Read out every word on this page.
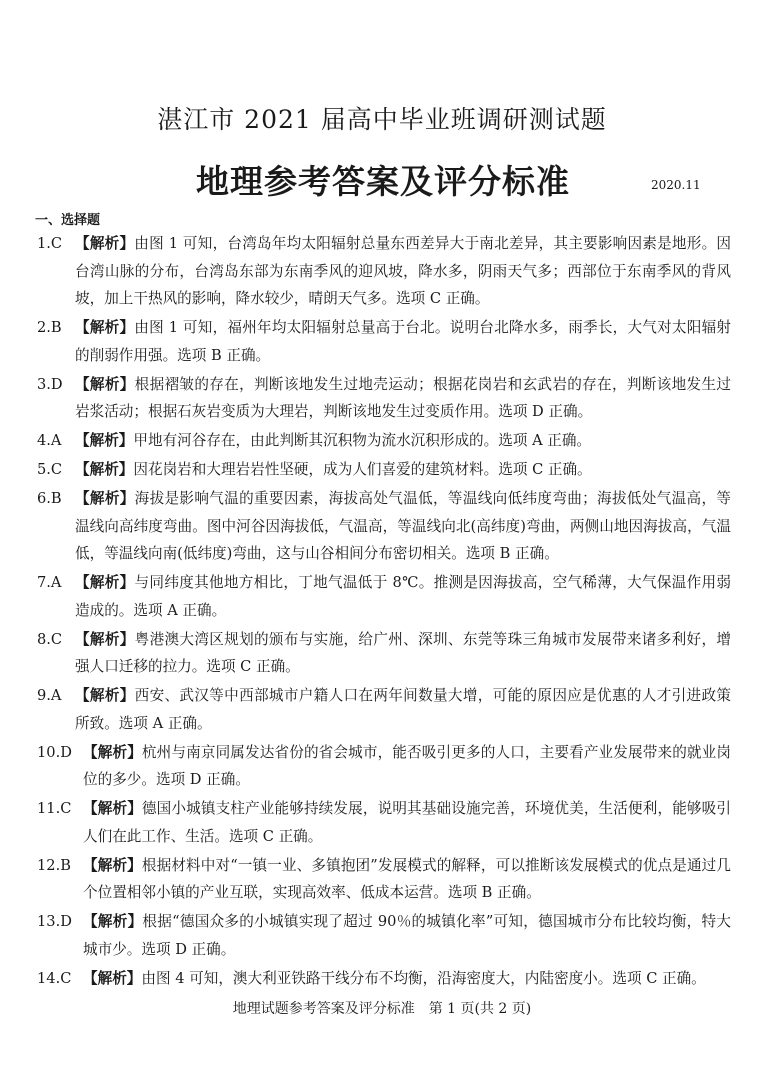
湛江市 2021 届高中毕业班调研测试题
地理参考答案及评分标准	2020.11
一、选择题
1.C 【解析】由图 1 可知，台湾岛年均太阳辐射总量东西差异大于南北差异，其主要影响因素是地形。因台湾山脉的分布，台湾岛东部为东南季风的迎风坡，降水多，阴雨天气多；西部位于东南季风的背风坡，加上干热风的影响，降水较少，晴朗天气多。选项 C 正确。
2.B 【解析】由图 1 可知，福州年均太阳辐射总量高于台北。说明台北降水多，雨季长，大气对太阳辐射的削弱作用强。选项 B 正确。
3.D 【解析】根据褶皱的存在，判断该地发生过地壳运动；根据花岗岩和玄武岩的存在，判断该地发生过岩浆活动；根据石灰岩变质为大理岩，判断该地发生过变质作用。选项 D 正确。
4.A 【解析】甲地有河谷存在，由此判断其沉积物为流水沉积形成的。选项 A 正确。
5.C 【解析】因花岗岩和大理岩岩性坚硬，成为人们喜爱的建筑材料。选项 C 正确。
6.B 【解析】海拔是影响气温的重要因素，海拔高处气温低，等温线向低纬度弯曲；海拔低处气温高，等温线向高纬度弯曲。图中河谷因海拔低，气温高，等温线向北(高纬度)弯曲，两侧山地因海拔高，气温低，等温线向南(低纬度)弯曲，这与山谷相间分布密切相关。选项 B 正确。
7.A 【解析】与同纬度其他地方相比，丁地气温低于 8℃。推测是因海拔高，空气稀薄，大气保温作用弱造成的。选项 A 正确。
8.C 【解析】粤港澳大湾区规划的颁布与实施，给广州、深圳、东莞等珠三角城市发展带来诸多利好，增强人口迁移的拉力。选项 C 正确。
9.A 【解析】西安、武汉等中西部城市户籍人口在两年间数量大增，可能的原因应是优惠的人才引进政策所致。选项 A 正确。
10.D 【解析】杭州与南京同属发达省份的省会城市，能否吸引更多的人口，主要看产业发展带来的就业岗位的多少。选项 D 正确。
11.C 【解析】德国小城镇支柱产业能够持续发展，说明其基础设施完善，环境优美，生活便利，能够吸引人们在此工作、生活。选项 C 正确。
12.B 【解析】根据材料中对“一镇一业、多镇抱团”发展模式的解释，可以推断该发展模式的优点是通过几个位置相邻小镇的产业互联，实现高效率、低成本运营。选项 B 正确。
13.D 【解析】根据“德国众多的小城镇实现了超过 90％的城镇化率”可知，德国城市分布比较均衡，特大城市少。选项 D 正确。
14.C 【解析】由图 4 可知，澳大利亚铁路干线分布不均衡，沿海密度大，内陆密度小。选项 C 正确。
地理试题参考答案及评分标准　第 1 页(共 2 页)
